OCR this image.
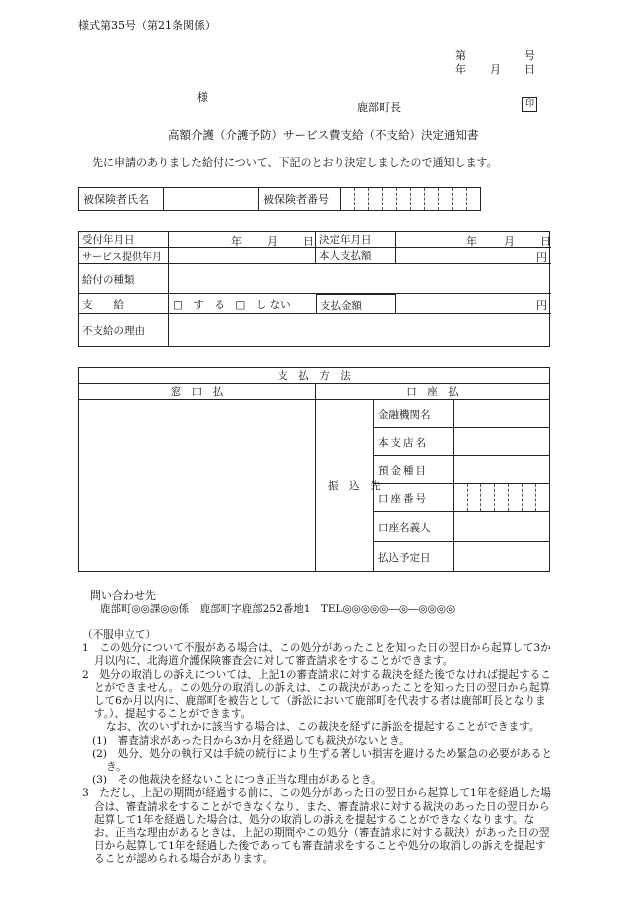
様式第35号（第21条関係）
第	号
年 月 日
様
鹿部町長	印
高額介護（介護予防）サービス費支給（不支給）決定通知書
先に申請のありました給付について、下記のとおり決定しましたので通知します。
被保険者氏名		被保険者番号	
受付年月日	年 月 日 決定年月日	年 月 日
サービス提供年月	本人支払額	円
給付の種類
支　　給	□　す　る　□　し ない	支払金額	円
不支給の理由
支　払　方　法
窓　口　払	口　座　払
振　込　先
金融機関名
本支店名
預金種目
口座番号
口座名義人
払込予定日
問い合わせ先
鹿部町◎◎課◎◎係　鹿部町字鹿部252番地1　TEL◎◎◎◎◎―◎―◎◎◎◎

（不服申立て）

1　この処分について不服がある場合は、この処分があったことを知った日の翌日から起算して3か月以内に、北海道介護保険審査会に対して審査請求をすることができます。

2　処分の取消しの訴えについては、上記1の審査請求に対する裁決を経た後でなければ提起することができません。この処分の取消しの訴えは、この裁決があったことを知った日の翌日から起算して6か月以内に、鹿部町を被告として（訴訟において鹿部町を代表する者は鹿部町長となります。）、提起することができます。

なお、次のいずれかに該当する場合は、この裁決を経ずに訴訟を提起することができます。

(1)　審査請求があった日から3か月を経過しても裁決がないとき。

(2)　処分、処分の執行又は手続の続行により生ずる著しい損害を避けるため緊急の必要があるとき。

(3)　その他裁決を経ないことにつき正当な理由があるとき。

3　ただし、上記の期間が経過する前に、この処分があった日の翌日から起算して1年を経過した場合は、審査請求をすることができなくなり、また、審査請求に対する裁決のあった日の翌日から起算して1年を経過した場合は、処分の取消しの訴えを提起することができなくなります。なお、正当な理由があるときは、上記の期間やこの処分（審査請求に対する裁決）があった日の翌日から起算して1年を経過した後であっても審査請求をすることや処分の取消しの訴えを提起することが認められる場合があります。
